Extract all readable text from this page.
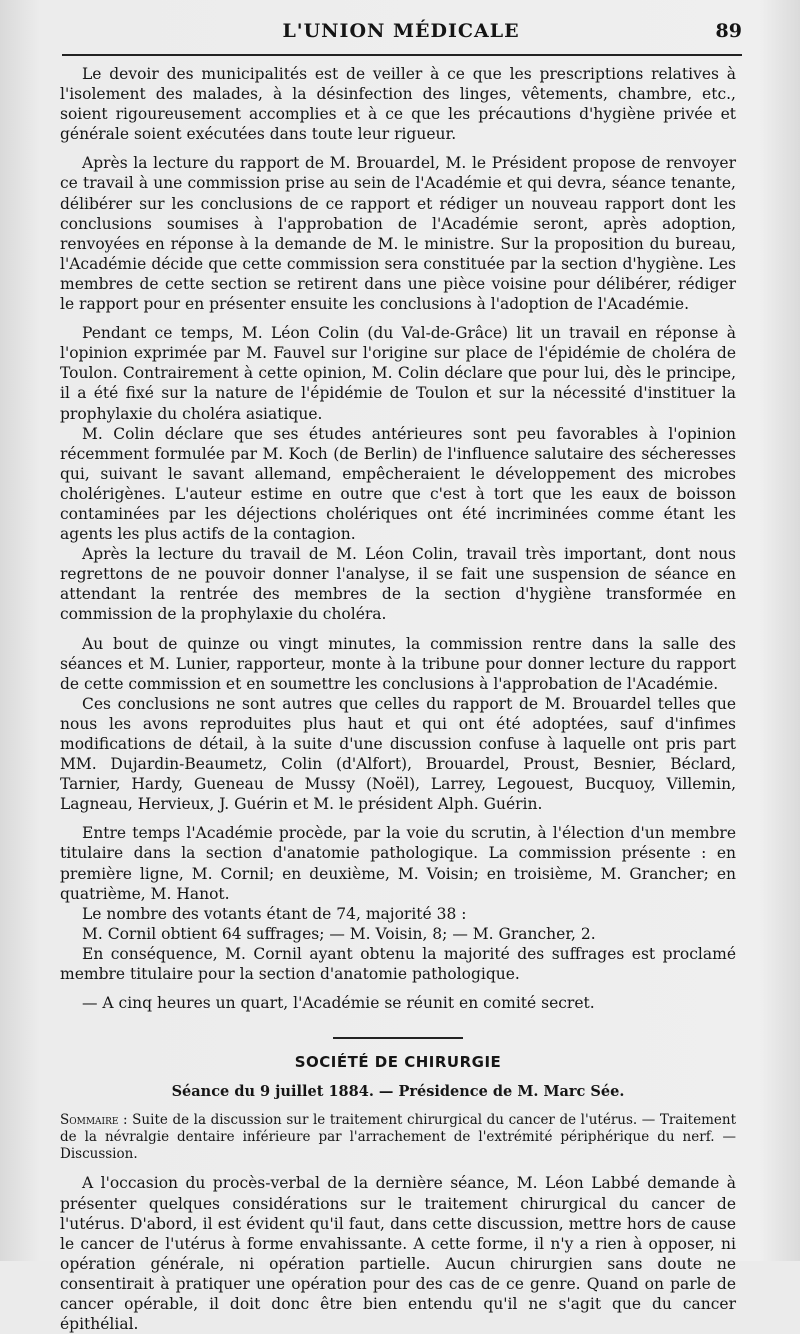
L'UNION MÉDICALE	89

Le devoir des municipalités est de veiller à ce que les prescriptions relatives à l'isolement des malades, à la désinfection des linges, vêtements, chambre, etc., soient rigoureusement accomplies et à ce que les précautions d'hygiène privée et générale soient exécutées dans toute leur rigueur.

Après la lecture du rapport de M. Brouardel, M. le Président propose de renvoyer ce travail à une commission prise au sein de l'Académie et qui devra, séance tenante, délibérer sur les conclusions de ce rapport et rédiger un nouveau rapport dont les conclusions soumises à l'approbation de l'Académie seront, après adoption, renvoyées en réponse à la demande de M. le ministre. Sur la proposition du bureau, l'Académie décide que cette commission sera constituée par la section d'hygiène. Les membres de cette section se retirent dans une pièce voisine pour délibérer, rédiger le rapport pour en présenter ensuite les conclusions à l'adoption de l'Académie.

Pendant ce temps, M. Léon Colin (du Val-de-Grâce) lit un travail en réponse à l'opinion exprimée par M. Fauvel sur l'origine sur place de l'épidémie de choléra de Toulon. Contrairement à cette opinion, M. Colin déclare que pour lui, dès le principe, il a été fixé sur la nature de l'épidémie de Toulon et sur la nécessité d'instituer la prophylaxie du choléra asiatique.

M. Colin déclare que ses études antérieures sont peu favorables à l'opinion récemment formulée par M. Koch (de Berlin) de l'influence salutaire des sécheresses qui, suivant le savant allemand, empêcheraient le développement des microbes cholérigènes. L'auteur estime en outre que c'est à tort que les eaux de boisson contaminées par les déjections cholériques ont été incriminées comme étant les agents les plus actifs de la contagion.

Après la lecture du travail de M. Léon Colin, travail très important, dont nous regrettons de ne pouvoir donner l'analyse, il se fait une suspension de séance en attendant la rentrée des membres de la section d'hygiène transformée en commission de la prophylaxie du choléra.

Au bout de quinze ou vingt minutes, la commission rentre dans la salle des séances et M. Lunier, rapporteur, monte à la tribune pour donner lecture du rapport de cette commission et en soumettre les conclusions à l'approbation de l'Académie.

Ces conclusions ne sont autres que celles du rapport de M. Brouardel telles que nous les avons reproduites plus haut et qui ont été adoptées, sauf d'infimes modifications de détail, à la suite d'une discussion confuse à laquelle ont pris part MM. Dujardin-Beaumetz, Colin (d'Alfort), Brouardel, Proust, Besnier, Béclard, Tarnier, Hardy, Gueneau de Mussy (Noël), Larrey, Legouest, Bucquoy, Villemin, Lagneau, Hervieux, J. Guérin et M. le président Alph. Guérin.

Entre temps l'Académie procède, par la voie du scrutin, à l'élection d'un membre titulaire dans la section d'anatomie pathologique. La commission présente : en première ligne, M. Cornil; en deuxième, M. Voisin; en troisième, M. Grancher; en quatrième, M. Hanot.

Le nombre des votants étant de 74, majorité 38 :

M. Cornil obtient 64 suffrages; — M. Voisin, 8; — M. Grancher, 2.

En conséquence, M. Cornil ayant obtenu la majorité des suffrages est proclamé membre titulaire pour la section d'anatomie pathologique.

— A cinq heures un quart, l'Académie se réunit en comité secret.

SOCIÉTÉ DE CHIRURGIE
Séance du 9 juillet 1884. — Présidence de M. Marc Sée.
Sommaire : Suite de la discussion sur le traitement chirurgical du cancer de l'utérus. — Traitement de la névralgie dentaire inférieure par l'arrachement de l'extrémité périphérique du nerf. — Discussion.

A l'occasion du procès-verbal de la dernière séance, M. Léon Labbé demande à présenter quelques considérations sur le traitement chirurgical du cancer de l'utérus. D'abord, il est évident qu'il faut, dans cette discussion, mettre hors de cause le cancer de l'utérus à forme envahissante. A cette forme, il n'y a rien à opposer, ni opération générale, ni opération partielle. Aucun chirurgien sans doute ne consentirait à pratiquer une opération pour des cas de ce genre. Quand on parle de cancer opérable, il doit donc être bien entendu qu'il ne s'agit que du cancer épithélial.
